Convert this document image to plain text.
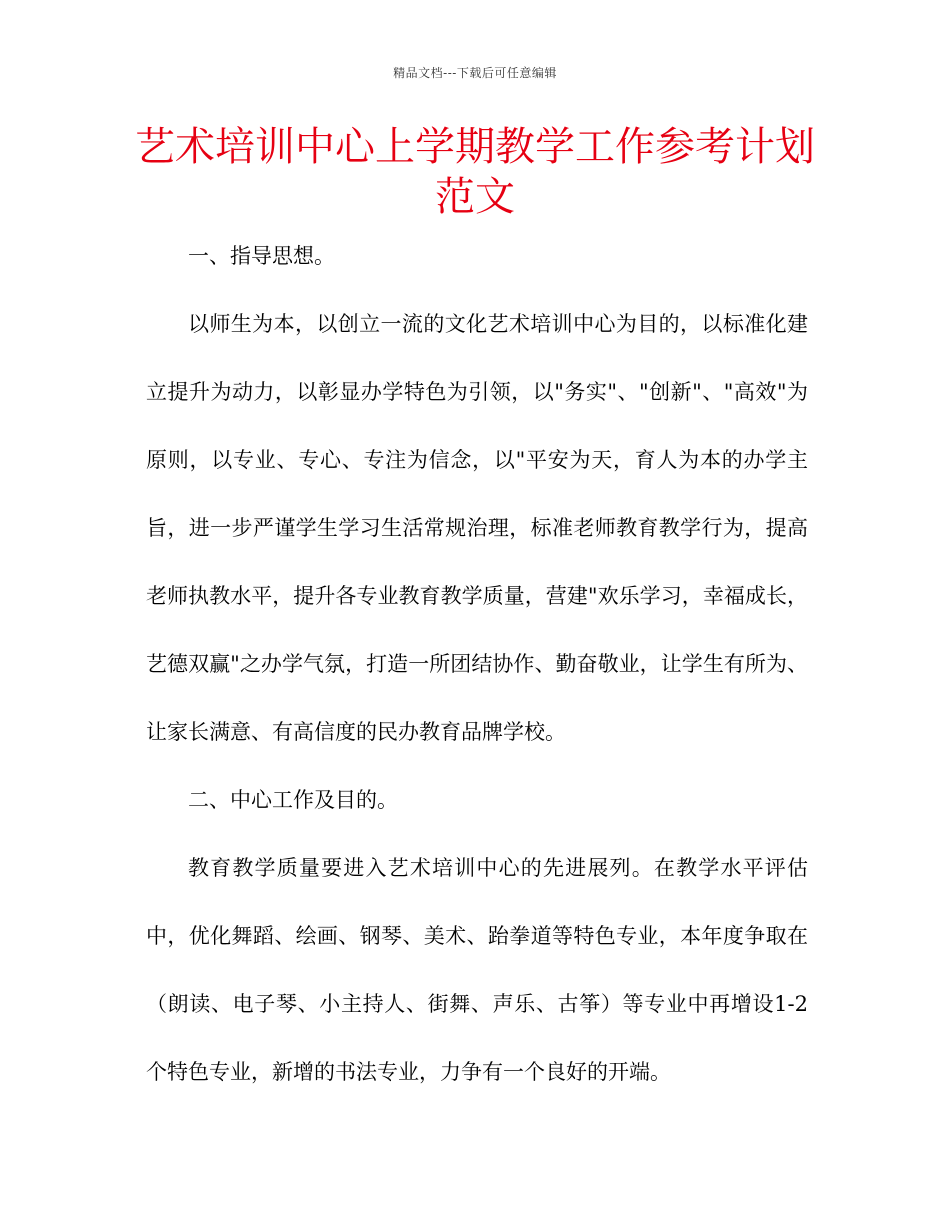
精品文档---下载后可任意编辑
艺术培训中心上学期教学工作参考计划范文

一、指导思想。

以师生为本，以创立一流的文化艺术培训中心为目的，以标准化建立提升为动力，以彰显办学特色为引领，以"务实"、"创新"、"高效"为原则，以专业、专心、专注为信念，以"平安为天，育人为本的办学主旨，进一步严谨学生学习生活常规治理，标准老师教育教学行为，提高老师执教水平，提升各专业教育教学质量，营建"欢乐学习，幸福成长，艺德双赢"之办学气氛，打造一所团结协作、勤奋敬业，让学生有所为、让家长满意、有高信度的民办教育品牌学校。

二、中心工作及目的。

教育教学质量要进入艺术培训中心的先进展列。在教学水平评估中，优化舞蹈、绘画、钢琴、美术、跆拳道等特色专业，本年度争取在（朗读、电子琴、小主持人、街舞、声乐、古筝）等专业中再增设1-2个特色专业，新增的书法专业，力争有一个良好的开端。
